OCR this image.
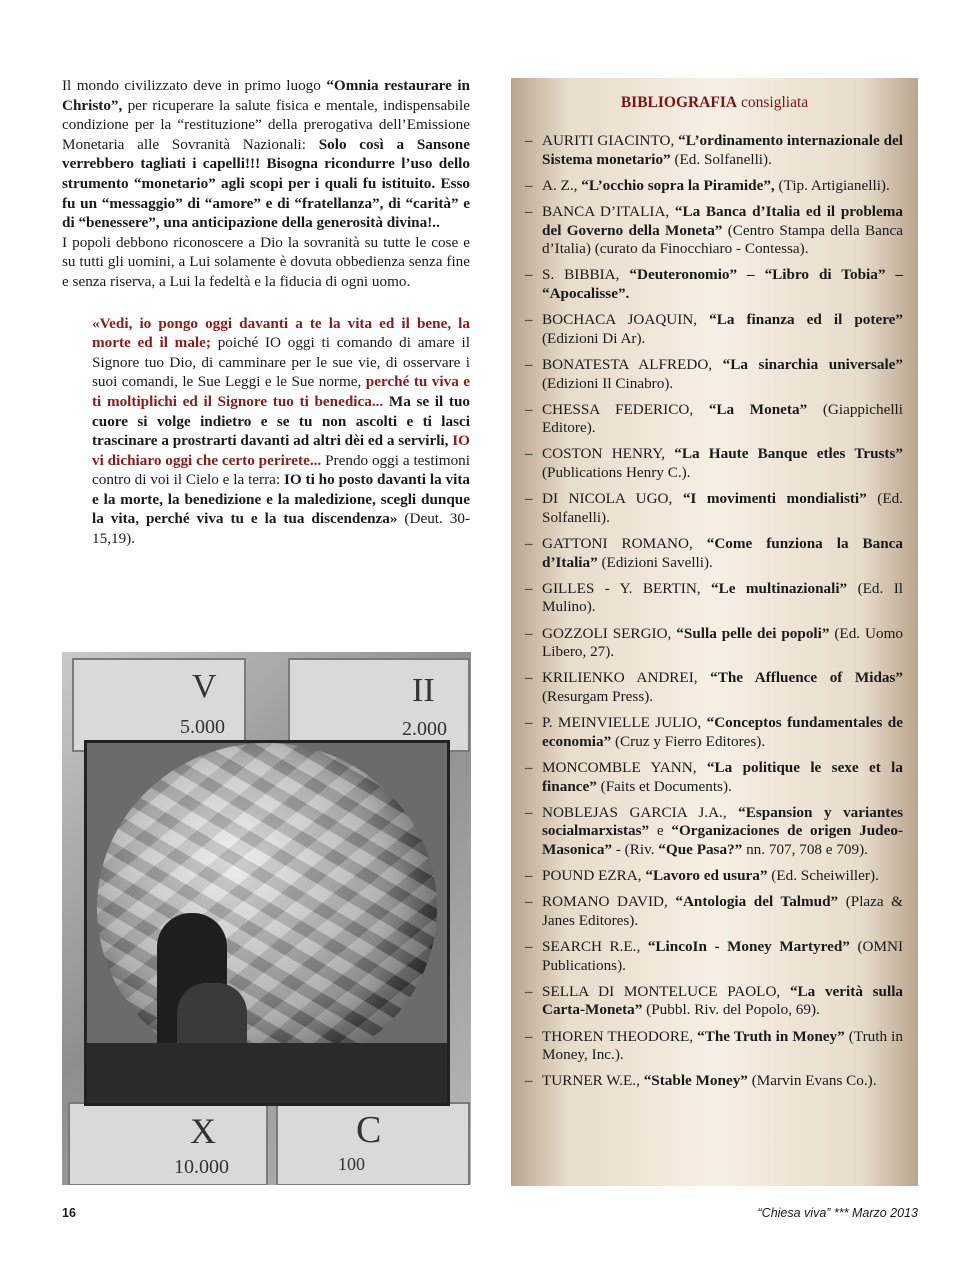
Il mondo civilizzato deve in primo luogo “Omnia restaurare in Christo”, per ricuperare la salute fisica e mentale, indispensabile condizione per la “restituzione” della prerogativa dell’Emissione Monetaria alle Sovranità Nazionali: Solo così a Sansone verrebbero tagliati i capelli!!! Bisogna ricondurre l’uso dello strumento “monetario” agli scopi per i quali fu istituito. Esso fu un “messaggio” di “amore” e di “fratellanza”, di “carità” e di “benessere”, una anticipazione della generosità divina!..

I popoli debbono riconoscere a Dio la sovranità su tutte le cose e su tutti gli uomini, a Lui solamente è dovuta obbedienza senza fine e senza riserva, a Lui la fedeltà e la fiducia di ogni uomo.

«Vedi, io pongo oggi davanti a te la vita ed il bene, la morte ed il male; poiché IO oggi ti comando di amare il Signore tuo Dio, di camminare per le sue vie, di osservare i suoi comandi, le Sue Leggi e le Sue norme, perché tu viva e ti moltiplichi ed il Signore tuo ti benedica... Ma se il tuo cuore si volge indietro e se tu non ascolti e ti lasci trascinare a prostrarti davanti ad altri dèi ed a servirli, IO vi dichiaro oggi che certo perirete... Prendo oggi a testimoni contro di voi il Cielo e la terra: IO ti ho posto davanti la vita e la morte, la benedizione e la maledizione, scegli dunque la vita, perché viva tu e la tua discendenza» (Deut. 30-15,19).
V
5.000
II
2.000
X
10.000
C
100
BIBLIOGRAFIA consigliata
– AURITI GIACINTO, “L’ordinamento internazionale del Sistema monetario” (Ed. Solfanelli).
– A. Z., “L’occhio sopra la Piramide”, (Tip. Artigianelli).
– BANCA D’ITALIA, “La Banca d’Italia ed il problema del Governo della Moneta” (Centro Stampa della Banca d’Italia) (curato da Finocchiaro - Contessa).
– S. BIBBIA, “Deuteronomio” – “Libro di Tobia” – “Apocalisse”.
– BOCHACA JOAQUIN, “La finanza ed il potere” (Edizioni Di Ar).
– BONATESTA ALFREDO, “La sinarchia universale” (Edizioni Il Cinabro).
– CHESSA FEDERICO, “La Moneta” (Giappichelli Editore).
– COSTON HENRY, “La Haute Banque etles Trusts” (Publications Henry C.).
– DI NICOLA UGO, “I movimenti mondialisti” (Ed. Solfanelli).
– GATTONI ROMANO, “Come funziona la Banca d’Italia” (Edizioni Savelli).
– GILLES - Y. BERTIN, “Le multinazionali” (Ed. Il Mulino).
– GOZZOLI SERGIO, “Sulla pelle dei popoli” (Ed. Uomo Libero, 27).
– KRILIENKO ANDREI, “The Affluence of Midas” (Resurgam Press).
– P. MEINVIELLE JULIO, “Conceptos fundamentales de economia” (Cruz y Fierro Editores).
– MONCOMBLE YANN, “La politique le sexe et la finance” (Faits et Documents).
– NOBLEJAS GARCIA J.A., “Espansion y variantes socialmarxistas” e “Organizaciones de origen Judeo-Masonica” - (Riv. “Que Pasa?” nn. 707, 708 e 709).
– POUND EZRA, “Lavoro ed usura” (Ed. Scheiwiller).
– ROMANO DAVID, “Antologia del Talmud” (Plaza & Janes Editores).
– SEARCH R.E., “LincoIn - Money Martyred” (OMNI Publications).
– SELLA DI MONTELUCE PAOLO, “La verità sulla Carta-Moneta” (Pubbl. Riv. del Popolo, 69).
– THOREN THEODORE, “The Truth in Money” (Truth in Money, Inc.).
– TURNER W.E., “Stable Money” (Marvin Evans Co.).
16	“Chiesa viva” *** Marzo 2013
